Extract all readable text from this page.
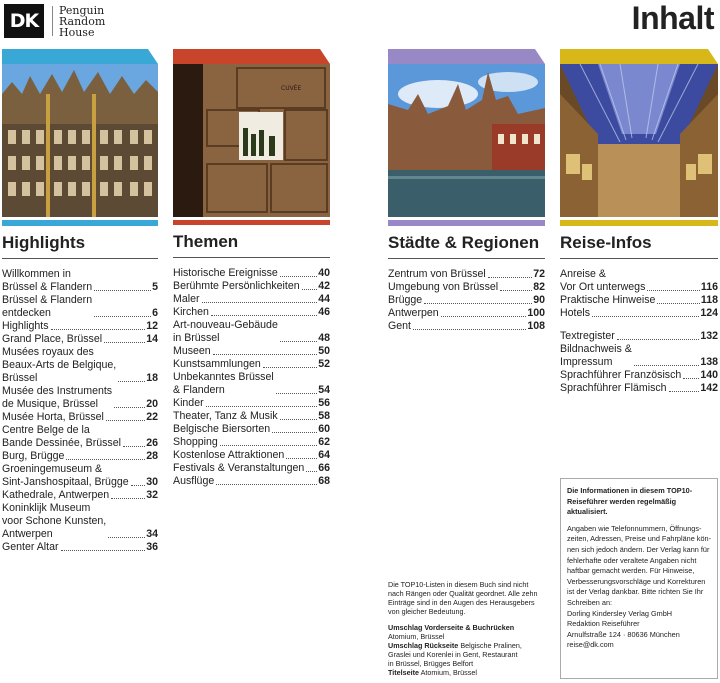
DK	Penguin
Random
House	Inhalt
Highlights
Willkommen in
Brüssel & Flandern	5
Brüssel & Flandern
entdecken	6
Highlights	12
Grand Place, Brüssel	14
Musées royaux des
Beaux-Arts de Belgique,
Brüssel	18
Musée des Instruments
de Musique, Brüssel	20
Musée Horta, Brüssel	22
Centre Belge de la
Bande Dessinée, Brüssel 26
Burg, Brügge	28
Groeningemuseum &
Sint-Janshospitaal, Brügge 30
Kathedrale, Antwerpen	32
Koninklijk Museum
voor Schone Kunsten,
Antwerpen	34
Genter Altar	36
CUVÉE
Themen
Historische Ereignisse	40
Berühmte Persönlichkeiten 42
Maler	44
Kirchen	46
Art-nouveau-Gebäude
in Brüssel	48
Museen	50
Kunstsammlungen	52
Unbekanntes Brüssel
& Flandern	54
Kinder	56
Theater, Tanz & Musik	58
Belgische Biersorten	60
Shopping	62
Kostenlose Attraktionen	64
Festivals & Veranstaltungen 66
Ausflüge	68
Städte & Regionen
Zentrum von Brüssel	72
Umgebung von Brüssel	82
Brügge	90
Antwerpen	100
Gent	108
Reise-Infos
Anreise &
Vor Ort unterwegs	116
Praktische Hinweise	118
Hotels	124
Textregister	132
Bildnachweis &
Impressum	138
Sprachführer Französisch 140
Sprachführer Flämisch	142

Die TOP10-Listen in diesem Buch sind nicht
nach Rängen oder Qualität geordnet. Alle zehn
Einträge sind in den Augen des Herausgebers
von gleicher Bedeutung.

Umschlag Vorderseite & Buchrücken
Atomium, Brüssel
Umschlag Rückseite Belgische Pralinen,
Graslei und Korenlei in Gent, Restaurant
in Brüssel, Brügges Belfort
Titelseite Atomium, Brüssel
Die Informationen in diesem TOP10-
Reiseführer werden regelmäßig
aktualisiert.
Angaben wie Telefonnummern, Öffnungs-
zeiten, Adressen, Preise und Fahrpläne kön-
nen sich jedoch ändern. Der Verlag kann für
fehlerhafte oder veraltete Angaben nicht
haftbar gemacht werden. Für Hinweise,
Verbesserungsvorschläge und Korrekturen
ist der Verlag dankbar. Bitte richten Sie Ihr
Schreiben an:
Dorling Kindersley Verlag GmbH
Redaktion Reiseführer
Arnulfstraße 124 · 80636 München
reise@dk.com
